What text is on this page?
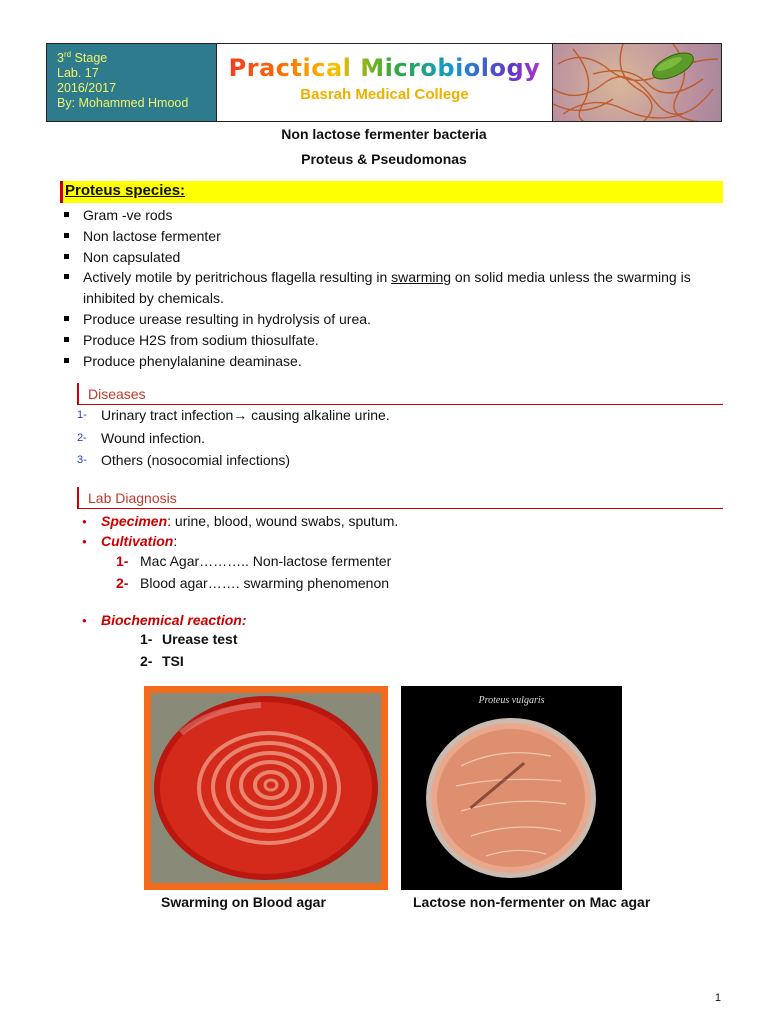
3rd Stage
Lab. 17
2016/2017
By: Mohammed Hmood
Practical Microbiology
Basrah Medical College
Non lactose fermenter bacteria
Proteus & Pseudomonas
Proteus species:
Gram -ve rods
Non lactose fermenter
Non capsulated
Actively motile by peritrichous flagella resulting in swarming on solid media unless the swarming is inhibited by chemicals.
Produce urease resulting in hydrolysis of urea.
Produce H2S from sodium thiosulfate.
Produce phenylalanine deaminase.
Diseases
1- Urinary tract infection→ causing alkaline urine.
2- Wound infection.
3- Others (nosocomial infections)
Lab Diagnosis
● Specimen: urine, blood, wound swabs, sputum.
● Cultivation:
1- Mac Agar……….. Non-lactose fermenter
2- Blood agar……. swarming phenomenon
● Biochemical reaction:
1- Urease test
2- TSI
Proteus vulgaris
Swarming on Blood agar	Lactose non-fermenter on Mac agar
1
